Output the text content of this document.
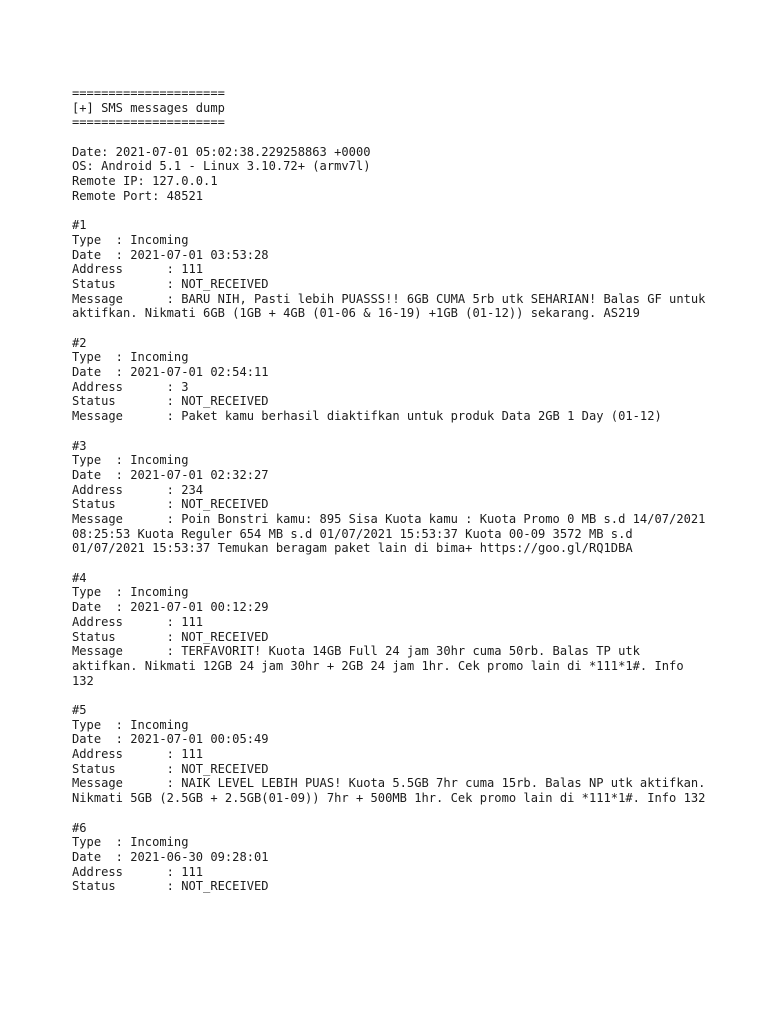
=====================
[+] SMS messages dump
=====================
Date: 2021-07-01 05:02:38.229258863 +0000
OS: Android 5.1 - Linux 3.10.72+ (armv7l)
Remote IP: 127.0.0.1
Remote Port: 48521
#1
Type  : Incoming
Date  : 2021-07-01 03:53:28
Address      : 111
Status       : NOT_RECEIVED
Message      : BARU NIH, Pasti lebih PUASSS!! 6GB CUMA 5rb utk SEHARIAN! Balas GF untuk aktifkan. Nikmati 6GB (1GB + 4GB (01-06 & 16-19) +1GB (01-12)) sekarang. AS219
#2
Type  : Incoming
Date  : 2021-07-01 02:54:11
Address      : 3
Status       : NOT_RECEIVED
Message      : Paket kamu berhasil diaktifkan untuk produk Data 2GB 1 Day (01-12)
#3
Type  : Incoming
Date  : 2021-07-01 02:32:27
Address      : 234
Status       : NOT_RECEIVED
Message      : Poin Bonstri kamu: 895 Sisa Kuota kamu : Kuota Promo 0 MB s.d 14/07/2021 08:25:53 Kuota Reguler 654 MB s.d 01/07/2021 15:53:37 Kuota 00-09 3572 MB s.d 01/07/2021 15:53:37 Temukan beragam paket lain di bima+ https://goo.gl/RQ1DBA
#4
Type  : Incoming
Date  : 2021-07-01 00:12:29
Address      : 111
Status       : NOT_RECEIVED
Message      : TERFAVORIT! Kuota 14GB Full 24 jam 30hr cuma 50rb. Balas TP utk aktifkan. Nikmati 12GB 24 jam 30hr + 2GB 24 jam 1hr. Cek promo lain di *111*1#. Info 132
#5
Type  : Incoming
Date  : 2021-07-01 00:05:49
Address      : 111
Status       : NOT_RECEIVED
Message      : NAIK LEVEL LEBIH PUAS! Kuota 5.5GB 7hr cuma 15rb. Balas NP utk aktifkan. Nikmati 5GB (2.5GB + 2.5GB(01-09)) 7hr + 500MB 1hr. Cek promo lain di *111*1#. Info 132
#6
Type  : Incoming
Date  : 2021-06-30 09:28:01
Address      : 111
Status       : NOT_RECEIVED
